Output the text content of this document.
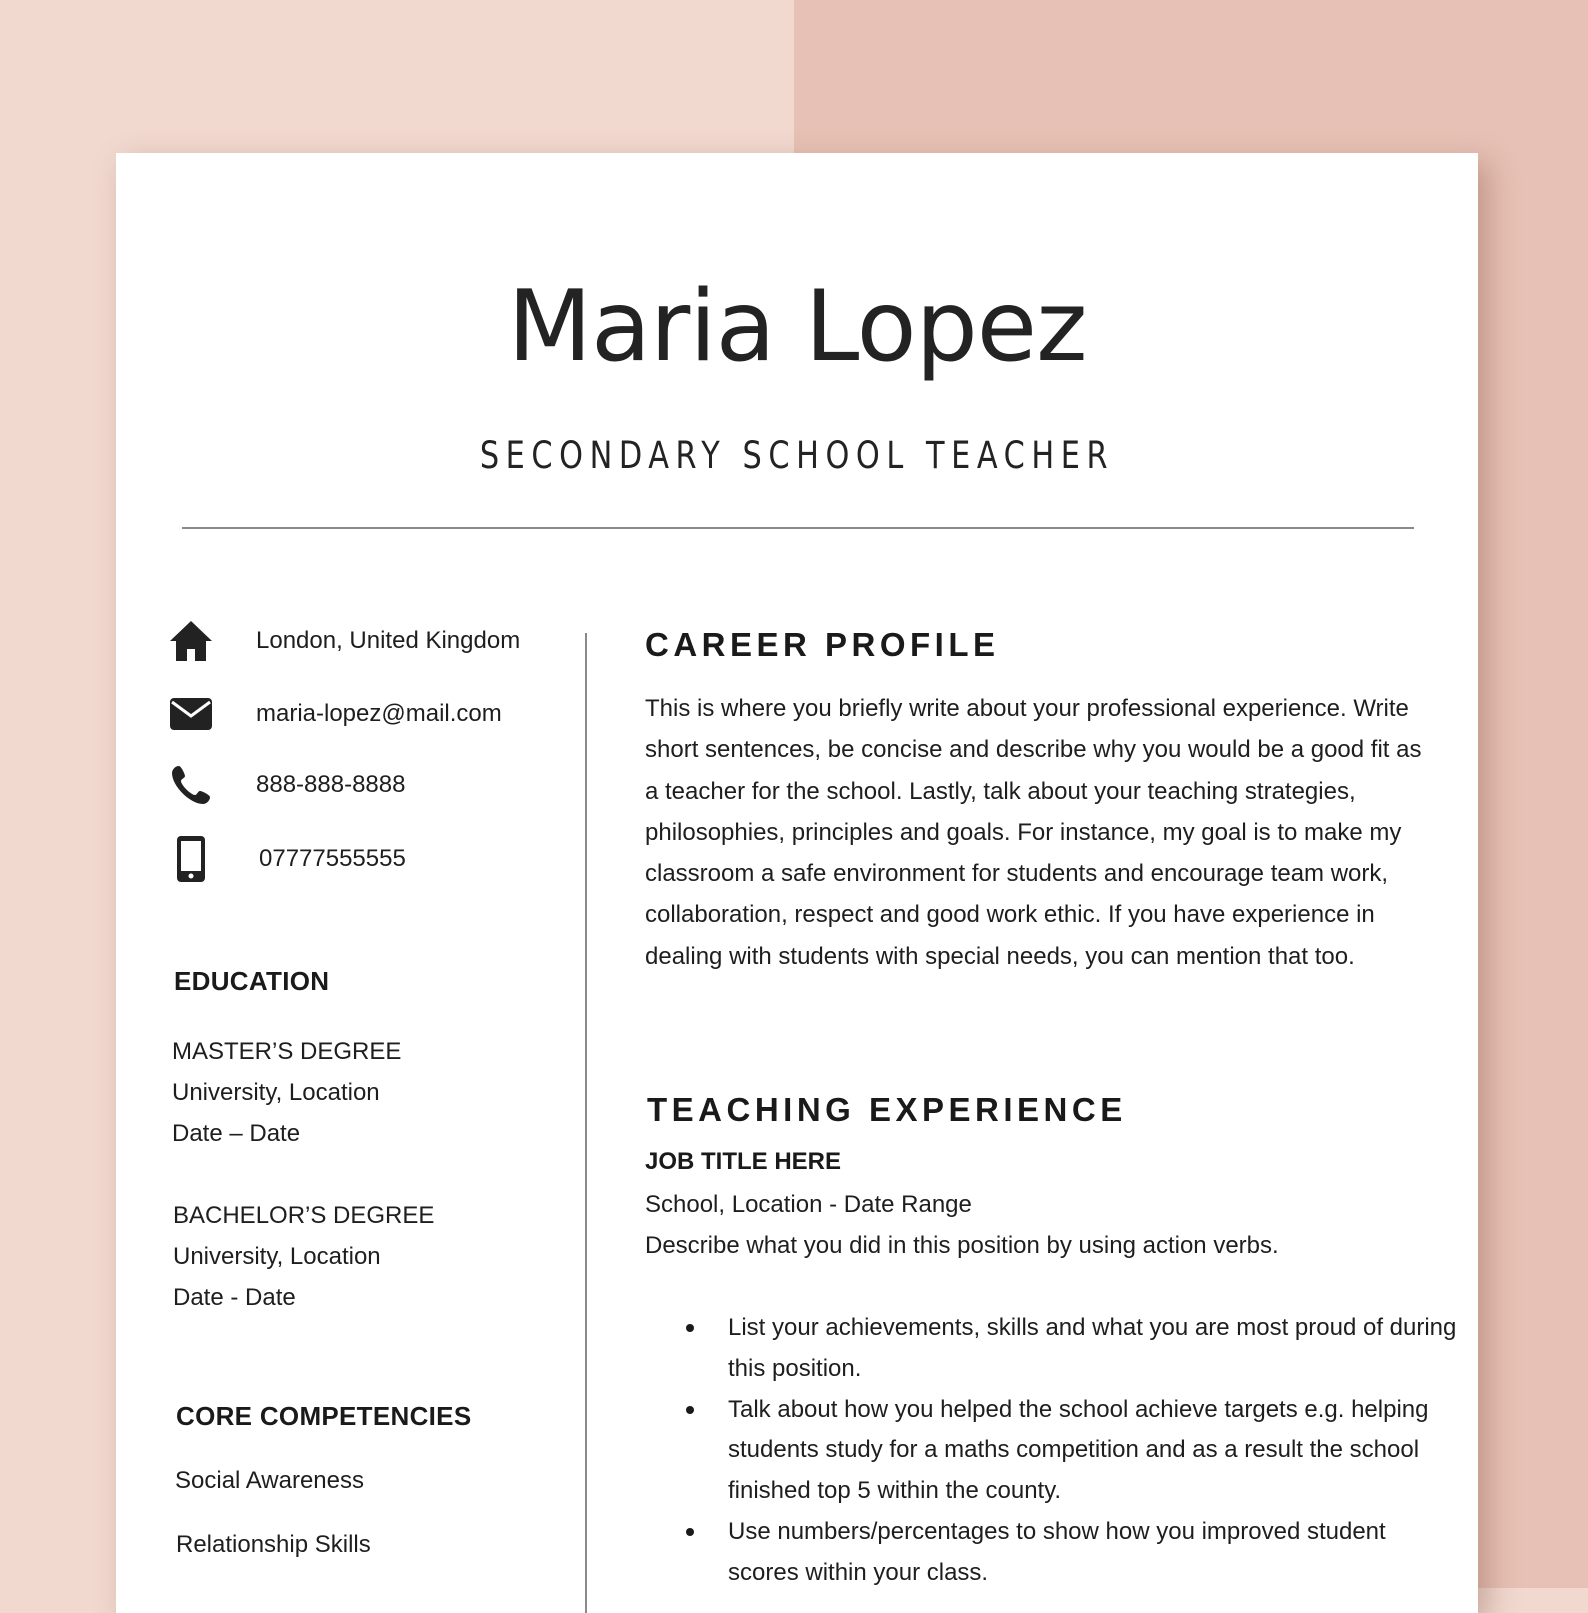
Maria Lopez
SECONDARY SCHOOL TEACHER
London, United Kingdom
maria-lopez@mail.com
888-888-8888
07777555555
EDUCATION
MASTER’S DEGREE
University, Location
Date – Date
BACHELOR’S DEGREE
University, Location
Date - Date
CORE COMPETENCIES
Social Awareness
Relationship Skills
CAREER PROFILE
This is where you briefly write about your professional experience. Write short sentences, be concise and describe why you would be a good fit as a teacher for the school. Lastly, talk about your teaching strategies, philosophies, principles and goals. For instance, my goal is to make my classroom a safe environment for students and encourage team work, collaboration, respect and good work ethic. If you have experience in dealing with students with special needs, you can mention that too.
TEACHING EXPERIENCE
JOB TITLE HERE
School, Location - Date Range
Describe what you did in this position by using action verbs.
List your achievements, skills and what you are most proud of during this position.
Talk about how you helped the school achieve targets e.g. helping students study for a maths competition and as a result the school finished top 5 within the county.
Use numbers/percentages to show how you improved student scores within your class.
